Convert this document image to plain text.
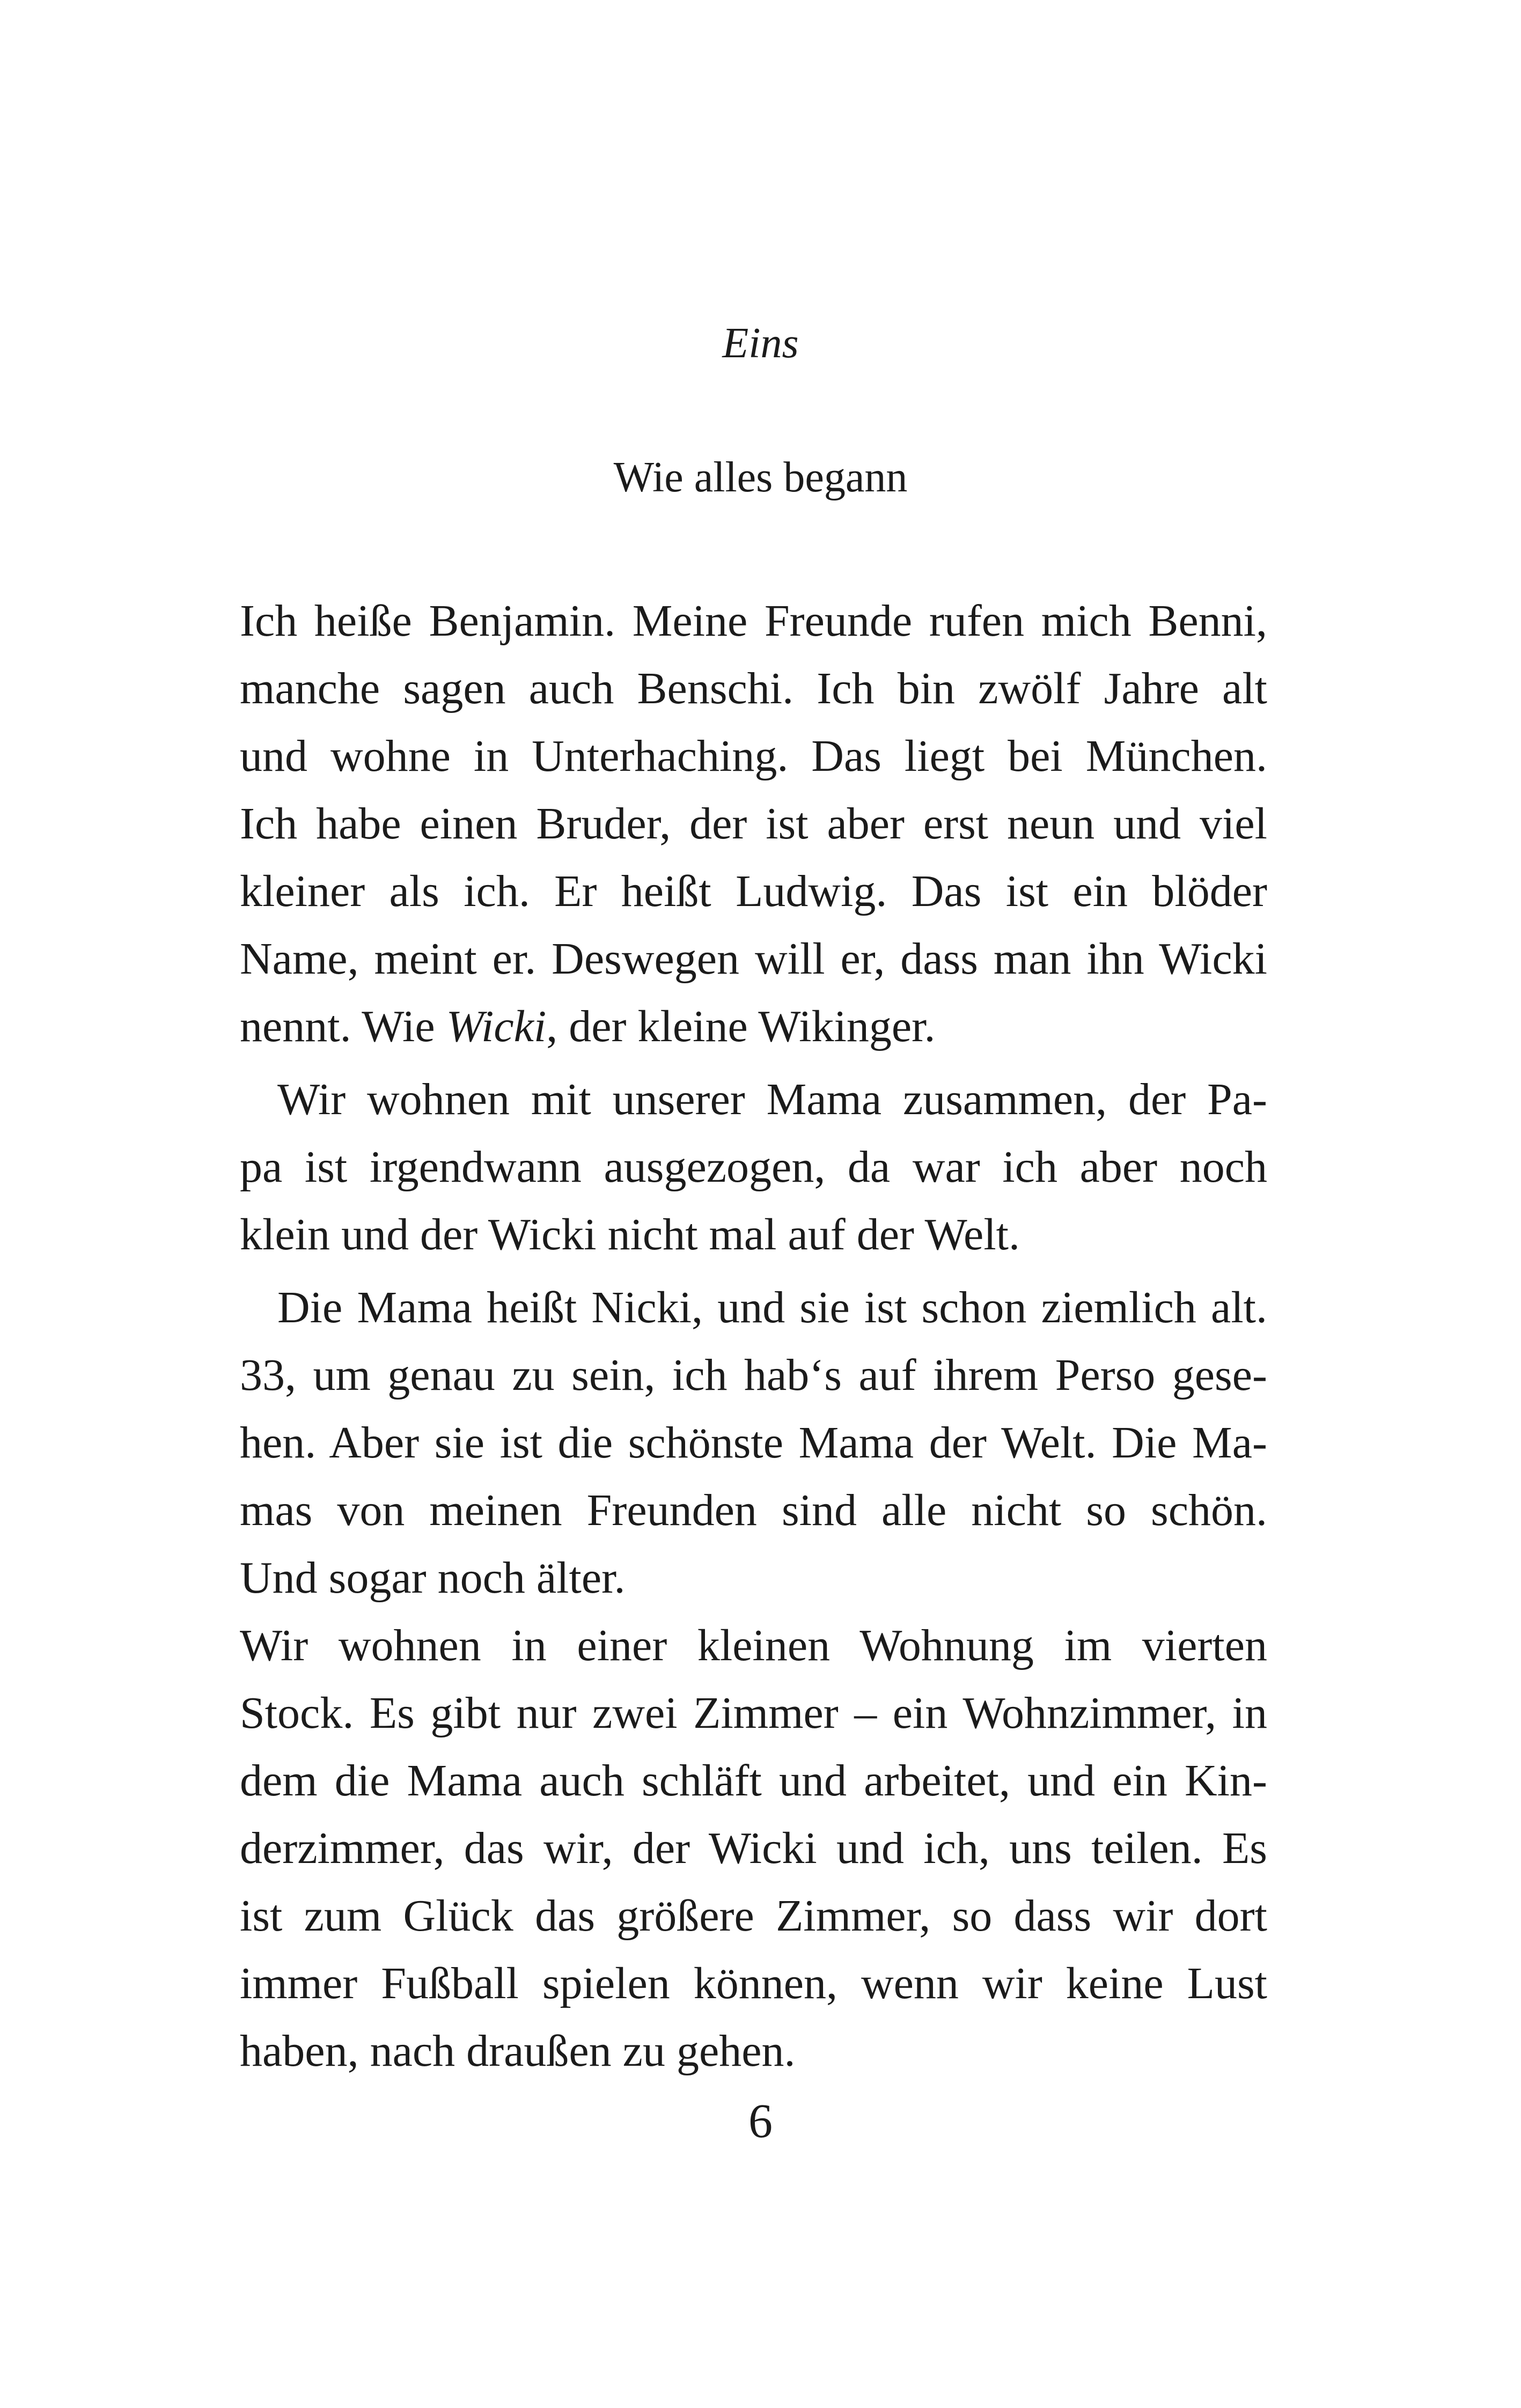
Eins
Wie alles begann
Ich heiße Benjamin. Meine Freunde rufen mich Benni,
manche sagen auch Benschi. Ich bin zwölf Jahre alt
und wohne in Unterhaching. Das liegt bei München.
Ich habe einen Bruder, der ist aber erst neun und viel
kleiner als ich. Er heißt Ludwig. Das ist ein blöder
Name, meint er. Deswegen will er, dass man ihn Wicki
nennt. Wie Wicki, der kleine Wikinger.
Wir wohnen mit unserer Mama zusammen, der Pa-
pa ist irgendwann ausgezogen, da war ich aber noch
klein und der Wicki nicht mal auf der Welt.
Die Mama heißt Nicki, und sie ist schon ziemlich alt.
33, um genau zu sein, ich hab‘s auf ihrem Perso gese-
hen. Aber sie ist die schönste Mama der Welt. Die Ma-
mas von meinen Freunden sind alle nicht so schön.
Und sogar noch älter.
Wir wohnen in einer kleinen Wohnung im vierten
Stock. Es gibt nur zwei Zimmer – ein Wohnzimmer, in
dem die Mama auch schläft und arbeitet, und ein Kin-
derzimmer, das wir, der Wicki und ich, uns teilen. Es
ist zum Glück das größere Zimmer, so dass wir dort
immer Fußball spielen können, wenn wir keine Lust
haben, nach draußen zu gehen.
6
